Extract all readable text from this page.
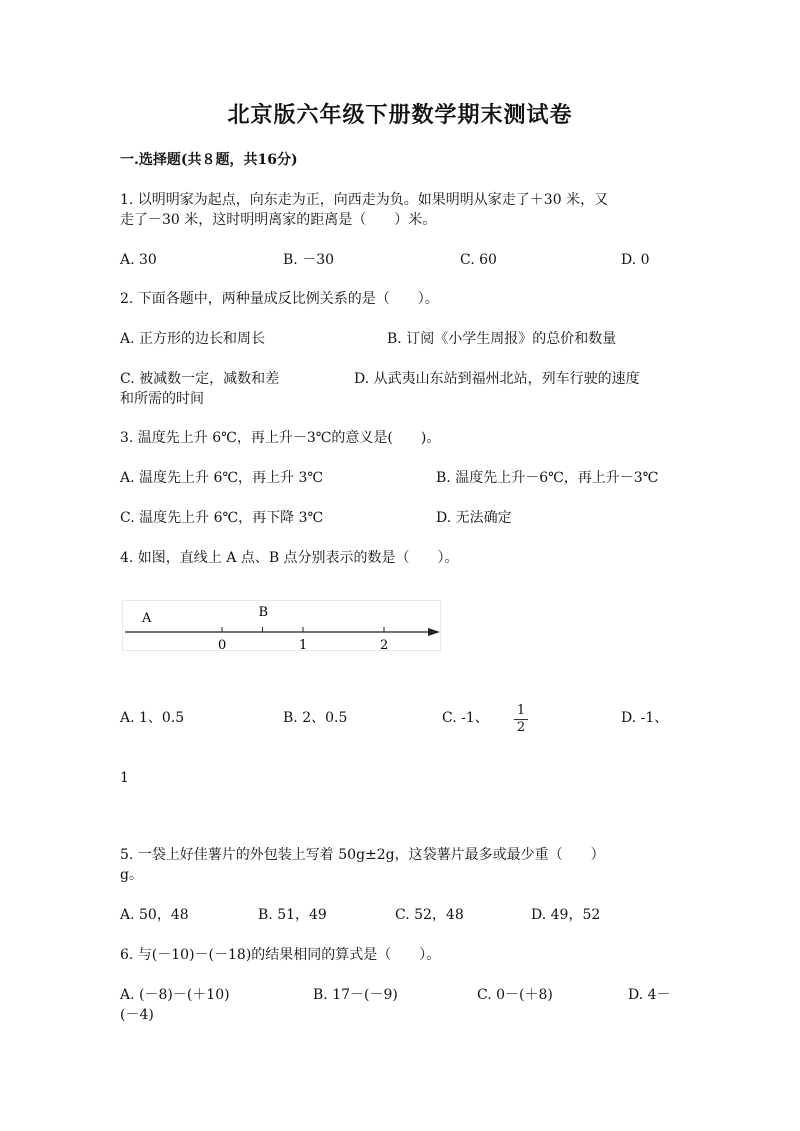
北京版六年级下册数学期末测试卷
一.选择题(共８题，共16分)
1. 以明明家为起点，向东走为正，向西走为负。如果明明从家走了＋30 米，又
走了－30 米，这时明明离家的距离是（　　）米。
A. 30	B. －30	C. 60	D. 0
2. 下面各题中，两种量成反比例关系的是（　　）。
A. 正方形的边长和周长	B. 订阅《小学生周报》的总价和数量
C. 被减数一定，减数和差	D. 从武夷山东站到福州北站，列车行驶的速度
和所需的时间
3. 温度先上升 6℃，再上升－3℃的意义是(　　)。
A. 温度先上升 6℃，再上升 3℃	B. 温度先上升－6℃，再上升－3℃
C. 温度先上升 6℃，再下降 3℃	D. 无法确定
4. 如图，直线上 A 点、B 点分别表示的数是（　　）。
0	1	2
A	B
A. 1、0.5	B. 2、0.5	C. -1、 1
2
D. -1、
1
5. 一袋上好佳薯片的外包装上写着 50g±2g，这袋薯片最多或最少重（　　）
g。
A. 50，48	B. 51，49	C. 52，48	D. 49，52
6. 与(－10)－(－18)的结果相同的算式是（　　）。
A. (－8)－(＋10)	B. 17－(－9)	C. 0－(＋8)	D. 4－
(－4)
